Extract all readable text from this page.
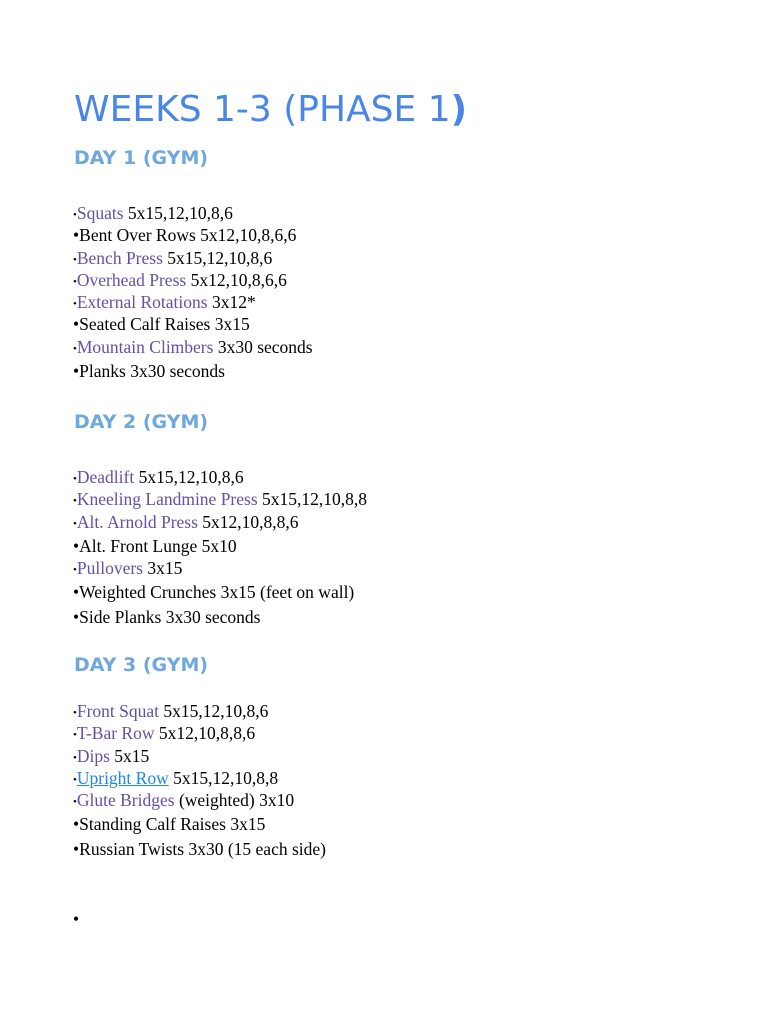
WEEKS 1-3 (PHASE 1)
DAY 1 (GYM)
•Squats 5x15,12,10,8,6
•Bent Over Rows 5x12,10,8,6,6
•Bench Press 5x15,12,10,8,6
•Overhead Press 5x12,10,8,6,6
•External Rotations 3x12*
•Seated Calf Raises 3x15
•Mountain Climbers 3x30 seconds
•Planks 3x30 seconds
DAY 2 (GYM)
•Deadlift 5x15,12,10,8,6
•Kneeling Landmine Press 5x15,12,10,8,8
•Alt. Arnold Press 5x12,10,8,8,6
•Alt. Front Lunge 5x10
•Pullovers 3x15
•Weighted Crunches 3x15 (feet on wall)
•Side Planks 3x30 seconds
DAY 3 (GYM)
•Front Squat 5x15,12,10,8,6
•T-Bar Row 5x12,10,8,8,6
•Dips 5x15
•Upright Row 5x15,12,10,8,8
•Glute Bridges (weighted) 3x10
•Standing Calf Raises 3x15
•Russian Twists 3x30 (15 each side)
•
